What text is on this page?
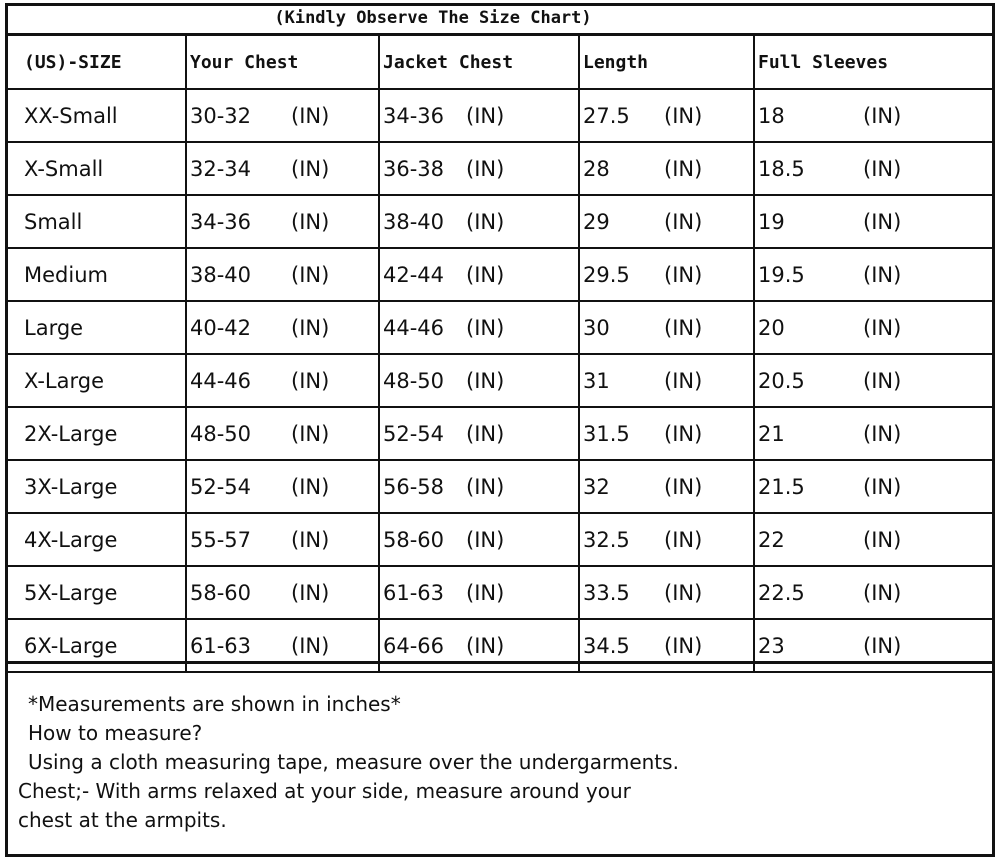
(Kindly Observe The Size Chart)
(US)-SIZE	Your Chest	Jacket Chest	Length	Full Sleeves
XX-Small	30-32 (IN)	34-36 (IN)	27.5 (IN)	18 (IN)

X-Small	32-34 (IN)	36-38 (IN)	28 (IN)	18.5 (IN)

Small	34-36 (IN)	38-40 (IN)	29 (IN)	19 (IN)

Medium	38-40 (IN)	42-44 (IN)	29.5 (IN)	19.5 (IN)

Large	40-42 (IN)	44-46 (IN)	30 (IN)	20 (IN)

X-Large	44-46 (IN)	48-50 (IN)	31 (IN)	20.5 (IN)

2X-Large	48-50 (IN)	52-54 (IN)	31.5 (IN)	21 (IN)

3X-Large	52-54 (IN)	56-58 (IN)	32 (IN)	21.5 (IN)

4X-Large	55-57 (IN)	58-60 (IN)	32.5 (IN)	22 (IN)

5X-Large	58-60 (IN)	61-63 (IN)	33.5 (IN)	22.5 (IN)

6X-Large	61-63 (IN)	64-66 (IN)	34.5 (IN)	23 (IN)
*Measurements are shown in inches*
How to measure?
Using a cloth measuring tape, measure over the undergarments.
Chest;- With arms relaxed at your side, measure around your
chest at the armpits.
